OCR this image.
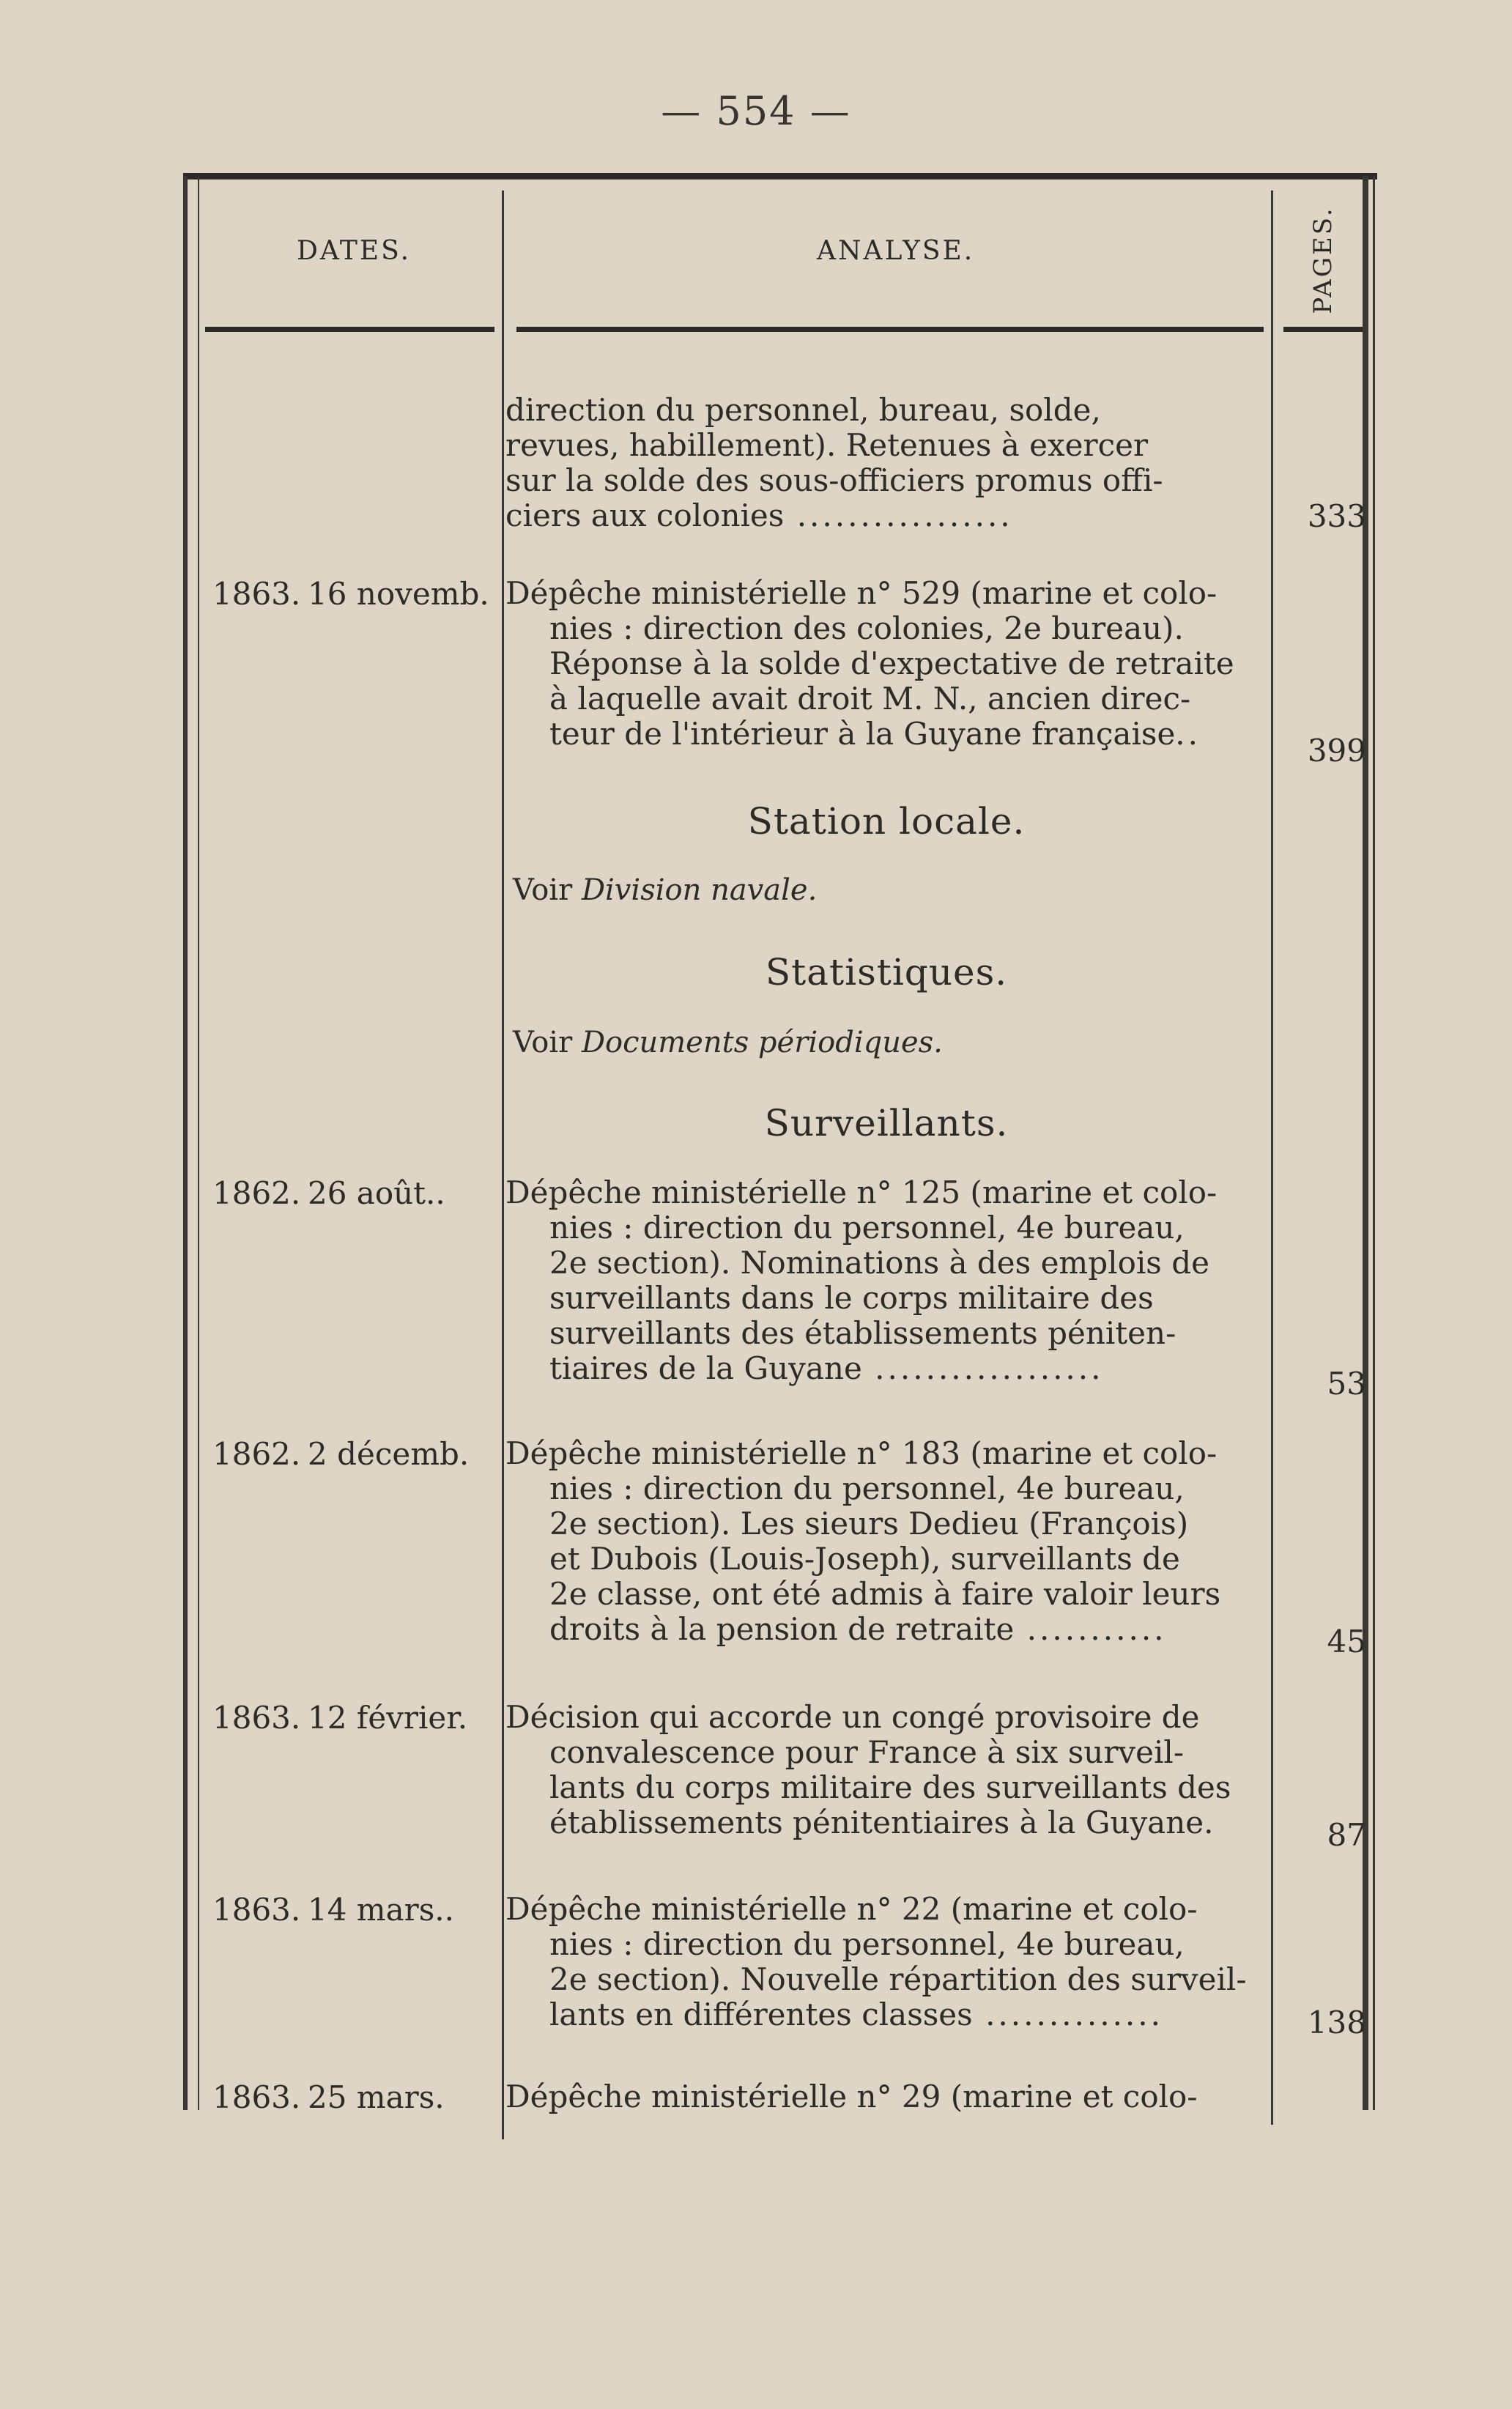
— 554 —
DATES.	ANALYSE.	PAGES.
direction du personnel, bureau, solde,
revues, habillement). Retenues à exercer
sur la solde des sous-officiers promus offi-
ciers aux colonies .................	333
1863. 16 novemb. Dépêche ministérielle n° 529 (marine et colo-
nies : direction des colonies, 2e bureau).
Réponse à la solde d'expectative de retraite
à laquelle avait droit M. N., ancien direc-
teur de l'intérieur à la Guyane française..	399
Station locale.
Voir Division navale.
Statistiques.
Voir Documents périodiques.
Surveillants.
1862. 26 août.. Dépêche ministérielle n° 125 (marine et colo-
nies : direction du personnel, 4e bureau,
2e section). Nominations à des emplois de
surveillants dans le corps militaire des
surveillants des établissements péniten-
tiaires de la Guyane ..................	53
1862. 2 décemb. Dépêche ministérielle n° 183 (marine et colo-
nies : direction du personnel, 4e bureau,
2e section). Les sieurs Dedieu (François)
et Dubois (Louis-Joseph), surveillants de
2e classe, ont été admis à faire valoir leurs
droits à la pension de retraite ...........	45
1863. 12 février. Décision qui accorde un congé provisoire de
convalescence pour France à six surveil-
lants du corps militaire des surveillants des
établissements pénitentiaires à la Guyane.	87
1863. 14 mars.. Dépêche ministérielle n° 22 (marine et colo-
nies : direction du personnel, 4e bureau,
2e section). Nouvelle répartition des surveil-
lants en différentes classes ..............	138
1863. 25 mars. Dépêche ministérielle n° 29 (marine et colo-
